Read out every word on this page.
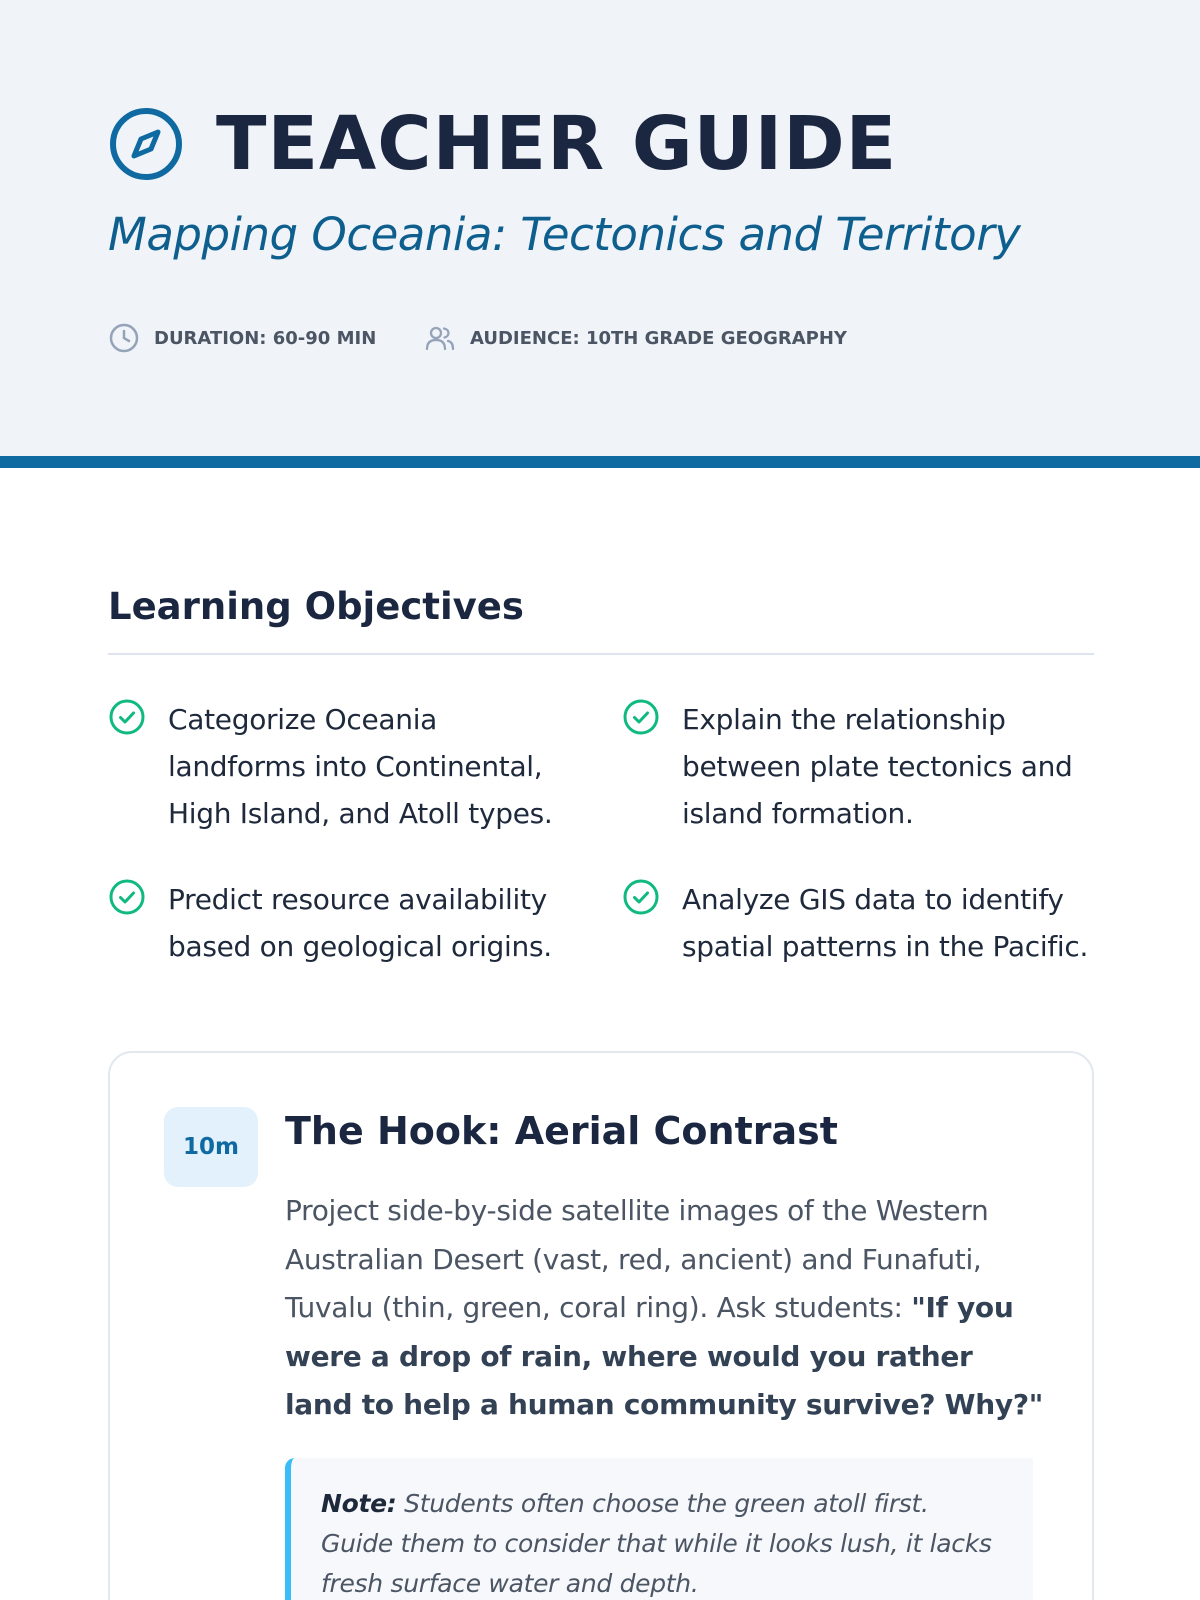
TEACHER GUIDE
Mapping Oceania: Tectonics and Territory
DURATION: 60-90 MIN	AUDIENCE: 10TH GRADE GEOGRAPHY
Learning Objectives
Categorize Oceania landforms into Continental, High Island, and Atoll types.
Explain the relationship between plate tectonics and island formation.
Predict resource availability based on geological origins.
Analyze GIS data to identify spatial patterns in the Pacific.
10m	The Hook: Aerial Contrast

Project side-by-side satellite images of the Western Australian Desert (vast, red, ancient) and Funafuti, Tuvalu (thin, green, coral ring). Ask students: "If you were a drop of rain, where would you rather land to help a human community survive? Why?"

Note: Students often choose the green atoll first. Guide them to consider that while it looks lush, it lacks fresh surface water and depth.
